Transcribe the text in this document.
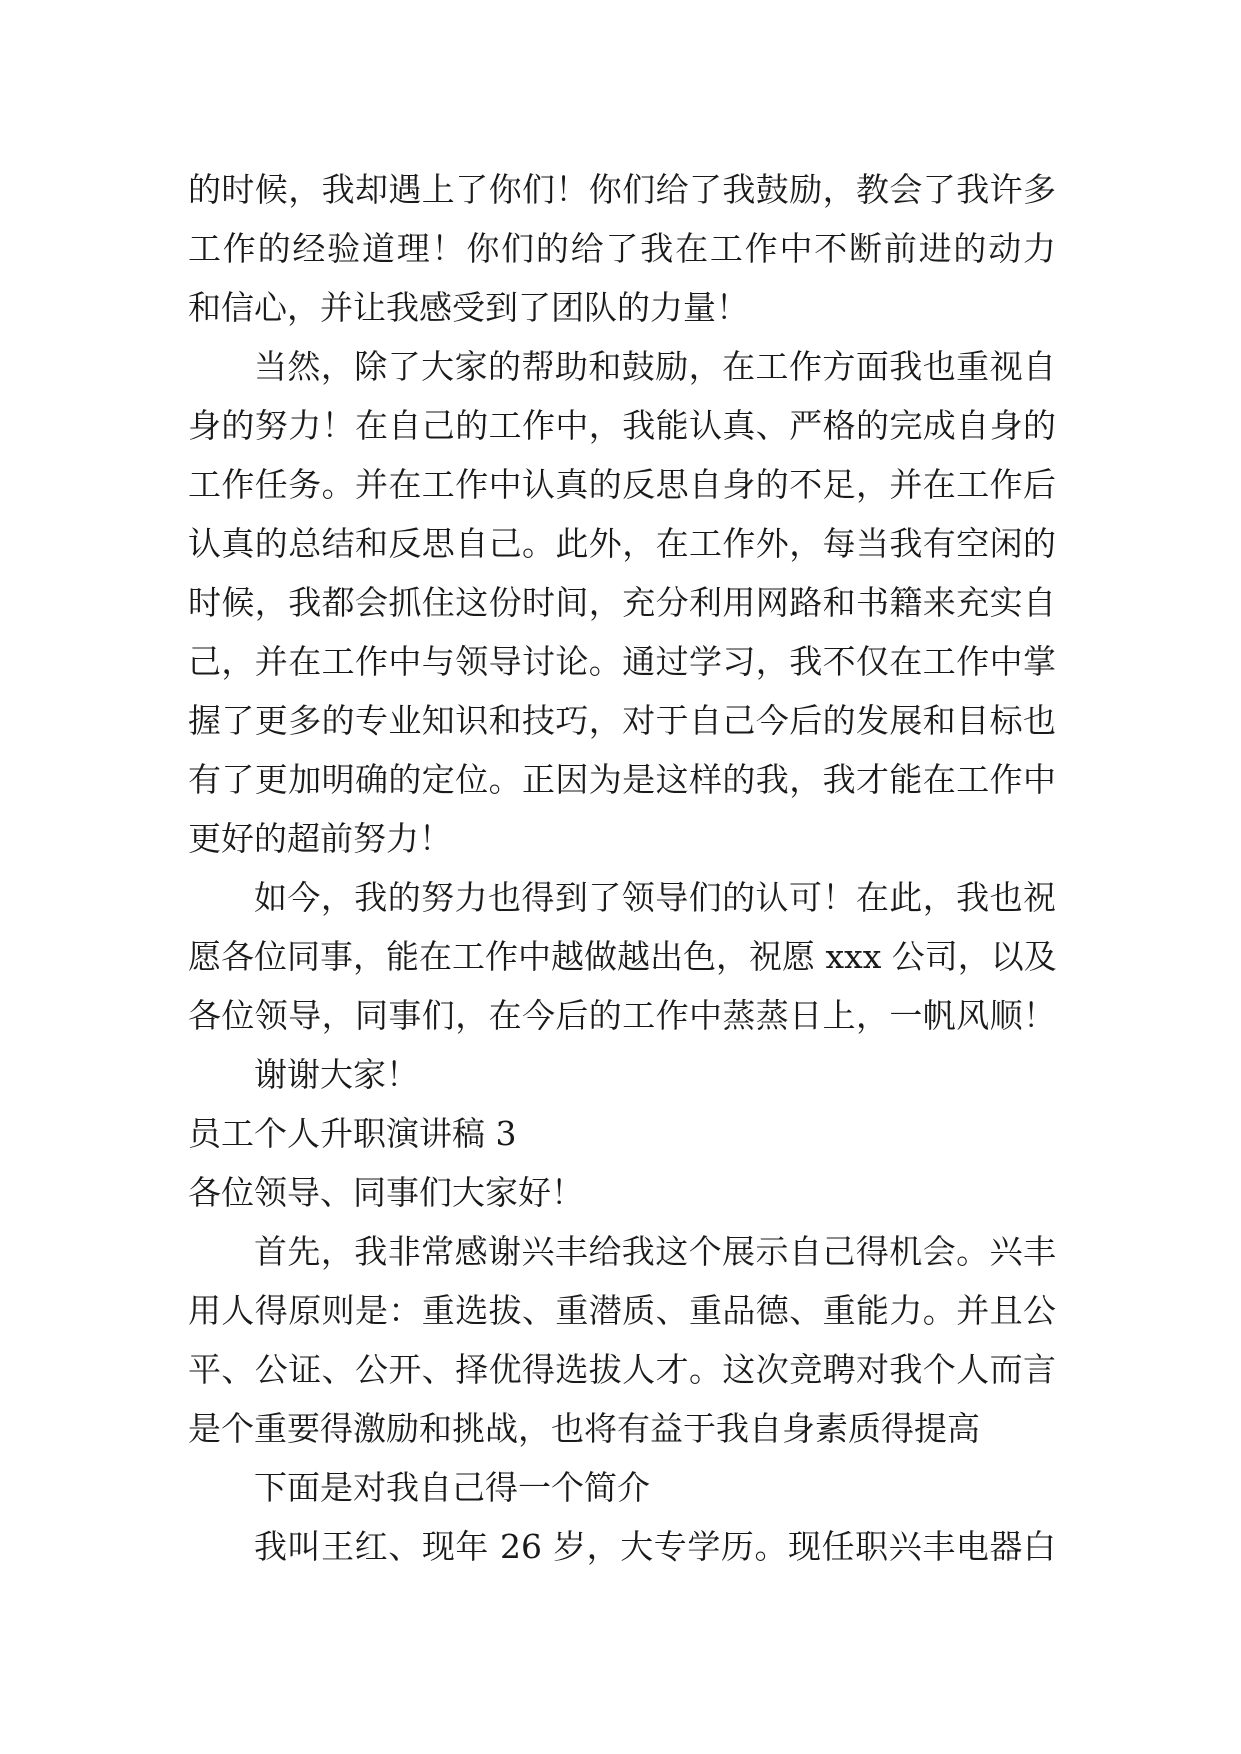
的时候，我却遇上了你们！你们给了我鼓励，教会了我许多
工作的经验道理！你们的给了我在工作中不断前进的动力
和信心，并让我感受到了团队的力量！
当然，除了大家的帮助和鼓励，在工作方面我也重视自
身的努力！在自己的工作中，我能认真、严格的完成自身的
工作任务。并在工作中认真的反思自身的不足，并在工作后
认真的总结和反思自己。此外，在工作外，每当我有空闲的
时候，我都会抓住这份时间，充分利用网路和书籍来充实自
己，并在工作中与领导讨论。通过学习，我不仅在工作中掌
握了更多的专业知识和技巧，对于自己今后的发展和目标也
有了更加明确的定位。正因为是这样的我，我才能在工作中
更好的超前努力！
如今，我的努力也得到了领导们的认可！在此，我也祝
愿各位同事，能在工作中越做越出色，祝愿 xxx 公司，以及
各位领导，同事们，在今后的工作中蒸蒸日上，一帆风顺！
谢谢大家！
员工个人升职演讲稿 3
各位领导、同事们大家好！
首先，我非常感谢兴丰给我这个展示自己得机会。兴丰
用人得原则是：重选拔、重潜质、重品德、重能力。并且公
平、公证、公开、择优得选拔人才。这次竞聘对我个人而言
是个重要得激励和挑战，也将有益于我自身素质得提高
下面是对我自己得一个简介
我叫王红、现年 26 岁，大专学历。现任职兴丰电器白
